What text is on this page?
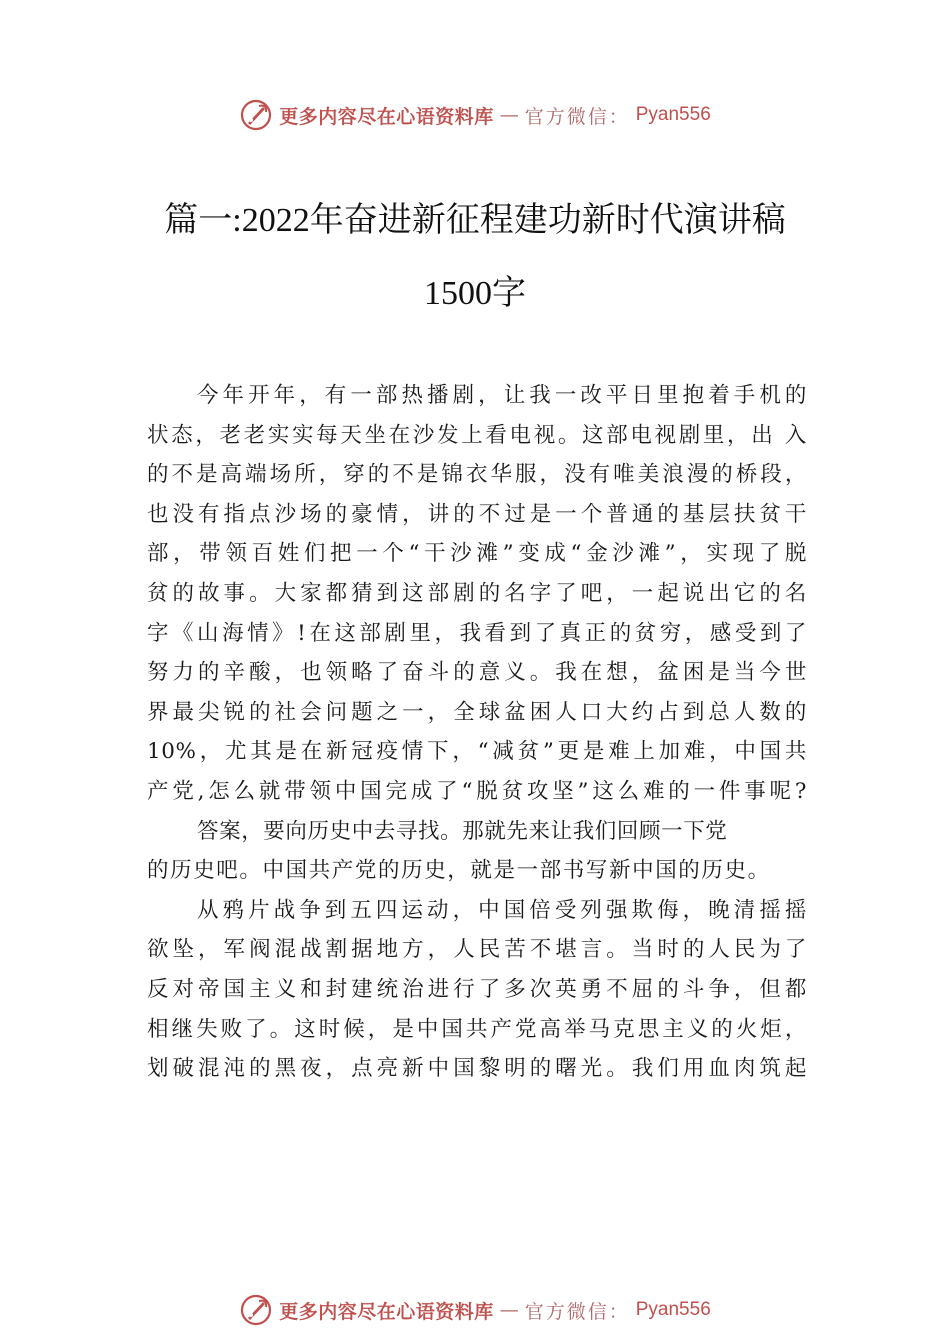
更多内容尽在心语资料库 — 官方微信： Pyan556
篇一:2022年奋进新征程建功新时代演讲稿
1500字
今年开年，有一部热播剧，让我一改平日里抱着手机的
状态，老老实实每天坐在沙发上看电视。这部电视剧里，出 入
的不是高端场所，穿的不是锦衣华服，没有唯美浪漫的桥段，
也没有指点沙场的豪情，讲的不过是一个普通的基层扶贫干
部，带领百姓们把一个“干沙滩”变成“金沙滩”，实现了脱
贫的故事。大家都猜到这部剧的名字了吧，一起说出它的名
字《山海情》!在这部剧里，我看到了真正的贫穷，感受到了
努力的辛酸，也领略了奋斗的意义。我在想，盆困是当今世
界最尖锐的社会问题之一，全球盆困人口大约占到总人数的
10%，尤其是在新冠疫情下，“减贫”更是难上加难，中国共
产党,怎么就带领中国完成了“脱贫攻坚”这么难的一件事呢?
答案，要向历史中去寻找。那就先来让我们回顾一下党
的历史吧。中国共产党的历史，就是一部书写新中国的历史。
从鸦片战争到五四运动，中国倍受列强欺侮，晚清摇摇
欲坠，军阀混战割据地方，人民苦不堪言。当时的人民为了
反对帝国主义和封建统治进行了多次英勇不屈的斗争，但都
相继失败了。这时候，是中国共产党高举马克思主义的火炬，
划破混沌的黑夜，点亮新中国黎明的曙光。我们用血肉筑起
更多内容尽在心语资料库 — 官方微信： Pyan556
